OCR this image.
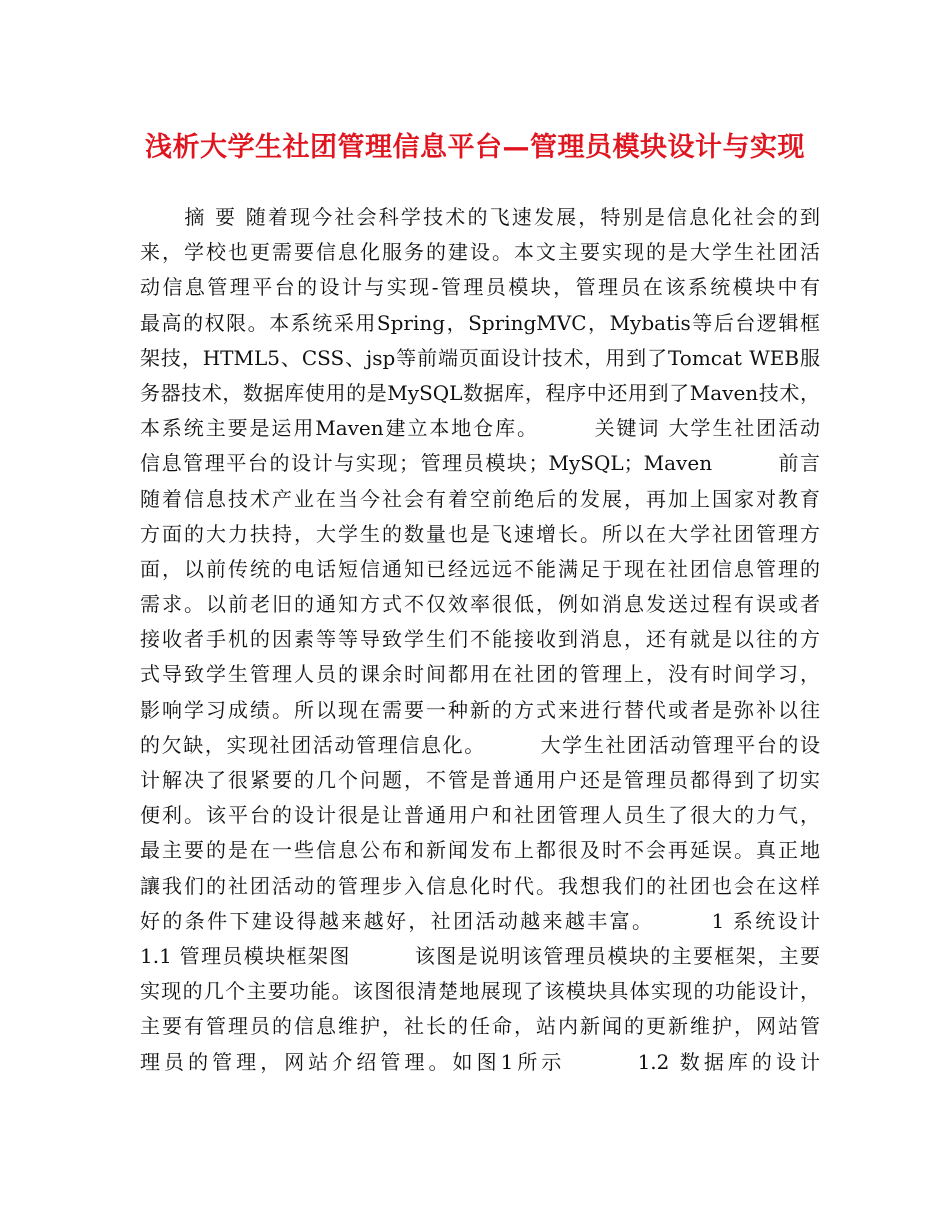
浅析大学生社团管理信息平台—管理员模块设计与实现
　　摘 要 随着现今社会科学技术的飞速发展，特别是信息化社会的到
来，学校也更需要信息化服务的建设。本文主要实现的是大学生社团活
动信息管理平台的设计与实现-管理员模块，管理员在该系统模块中有
最高的权限。本系统采用Spring，SpringMVC，Mybatis等后台逻辑框
架技，HTML5、CSS、jsp等前端页面设计技术，用到了Tomcat WEB服
务器技术，数据库使用的是MySQL数据库，程序中还用到了Maven技术，
本系统主要是运用Maven建立本地仓库。　　　关键词 大学生社团活动
信息管理平台的设计与实现；管理员模块；MySQL；Maven　　　前言
随着信息技术产业在当今社会有着空前绝后的发展，再加上国家对教育
方面的大力扶持，大学生的数量也是飞速增长。所以在大学社团管理方
面，以前传统的电话短信通知已经远远不能满足于现在社团信息管理的
需求。以前老旧的通知方式不仅效率很低，例如消息发送过程有误或者
接收者手机的因素等等导致学生们不能接收到消息，还有就是以往的方
式导致学生管理人员的课余时间都用在社团的管理上，没有时间学习，
影响学习成绩。所以现在需要一种新的方式来进行替代或者是弥补以往
的欠缺，实现社团活动管理信息化。　　　大学生社团活动管理平台的设
计解决了很紧要的几个问题，不管是普通用户还是管理员都得到了切实
便利。该平台的设计很是让普通用户和社团管理人员生了很大的力气，
最主要的是在一些信息公布和新闻发布上都很及时不会再延误。真正地
讓我们的社团活动的管理步入信息化时代。我想我们的社团也会在这样
好的条件下建设得越来越好，社团活动越来越丰富。　　　1 系统设计
1.1 管理员模块框架图　　　该图是说明该管理员模块的主要框架，主要
实现的几个主要功能。该图很清楚地展现了该模块具体实现的功能设计，
主要有管理员的信息维护，社长的任命，站内新闻的更新维护，网站管
理员的管理，网站介绍管理。如图1所示　　　1.2 数据库的设计
